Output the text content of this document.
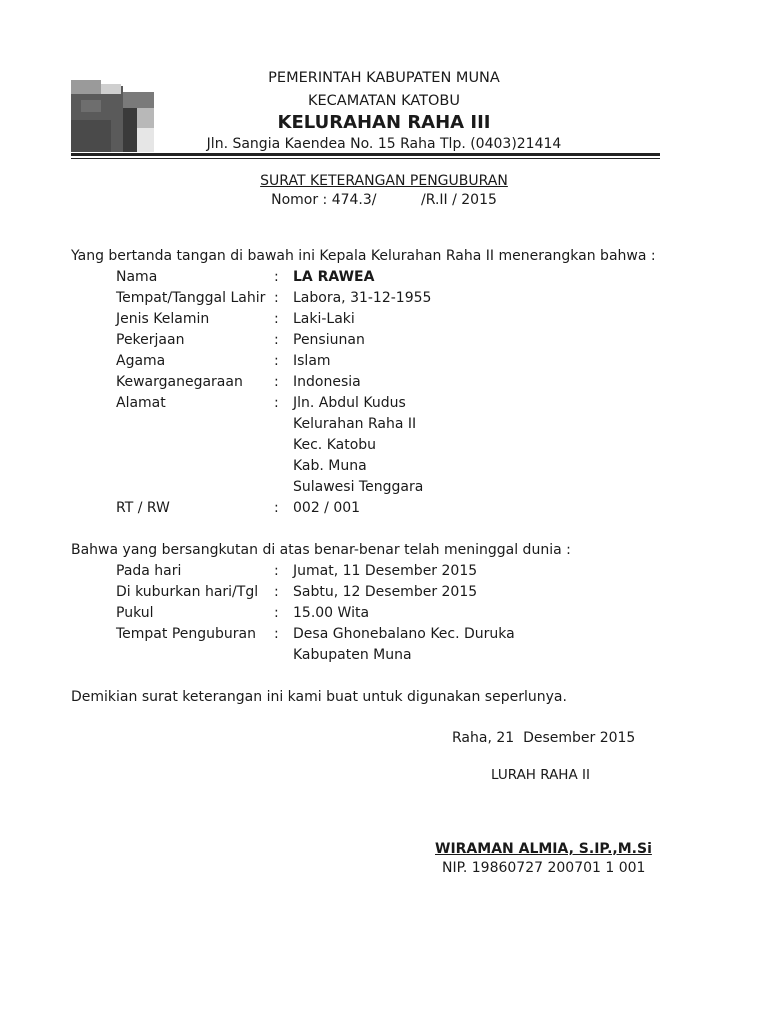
PEMERINTAH KABUPATEN MUNA
KECAMATAN KATOBU
KELURAHAN RAHA III
Jln. Sangia Kaendea No. 15 Raha Tlp. (0403)21414
SURAT KETERANGAN PENGUBURAN
Nomor : 474.3/          /R.II / 2015
Yang bertanda tangan di bawah ini Kepala Kelurahan Raha II menerangkan bahwa :
Nama	: LA RAWEA
Tempat/Tanggal Lahir : Labora, 31-12-1955
Jenis Kelamin	: Laki-Laki
Pekerjaan	: Pensiunan
Agama	: Islam
Kewarganegaraan : Indonesia
Alamat	: Jln. Abdul Kudus
Kelurahan Raha II
Kec. Katobu
Kab. Muna
Sulawesi Tenggara
RT / RW	: 002 / 001
Bahwa yang bersangkutan di atas benar-benar telah meninggal dunia :
Pada hari	: Jumat, 11 Desember 2015
Di kuburkan hari/Tgl : Sabtu, 12 Desember 2015
Pukul	: 15.00 Wita
Tempat Penguburan : Desa Ghonebalano Kec. Duruka
Kabupaten Muna
Demikian surat keterangan ini kami buat untuk digunakan seperlunya.
Raha, 21  Desember 2015
LURAH RAHA II
WIRAMAN ALMIA, S.IP.,M.Si
NIP. 19860727 200701 1 001
